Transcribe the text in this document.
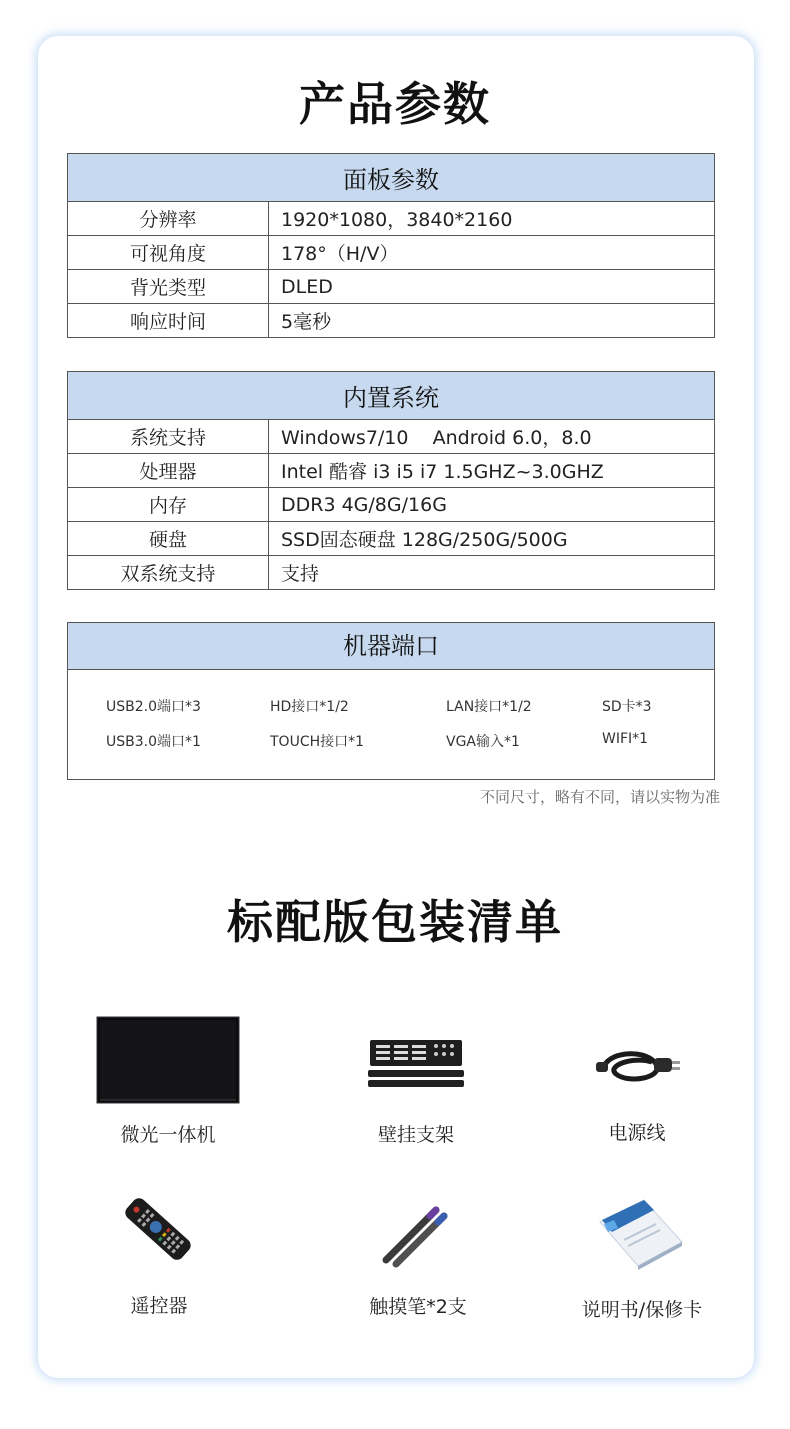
产品参数
面板参数	
分辨率	1920*1080，3840*2160
可视角度	178°（H/V）
背光类型	DLED
响应时间	5毫秒
内置系统	
系统支持	Windows7/10    Android 6.0，8.0
处理器	Intel 酷睿 i3 i5 i7 1.5GHZ~3.0GHZ
内存	DDR3 4G/8G/16G
硬盘	SSD固态硬盘 128G/250G/500G
双系统支持	支持
机器端口
USB2.0端口*3	HD接口*1/2	LAN接口*1/2	SD卡*3
USB3.0端口*1	TOUCH接口*1	VGA输入*1	WIFI*1
不同尺寸，略有不同，请以实物为准
标配版包装清单
微光一体机	壁挂支架	电源线
遥控器	触摸笔*2支	说明书/保修卡
